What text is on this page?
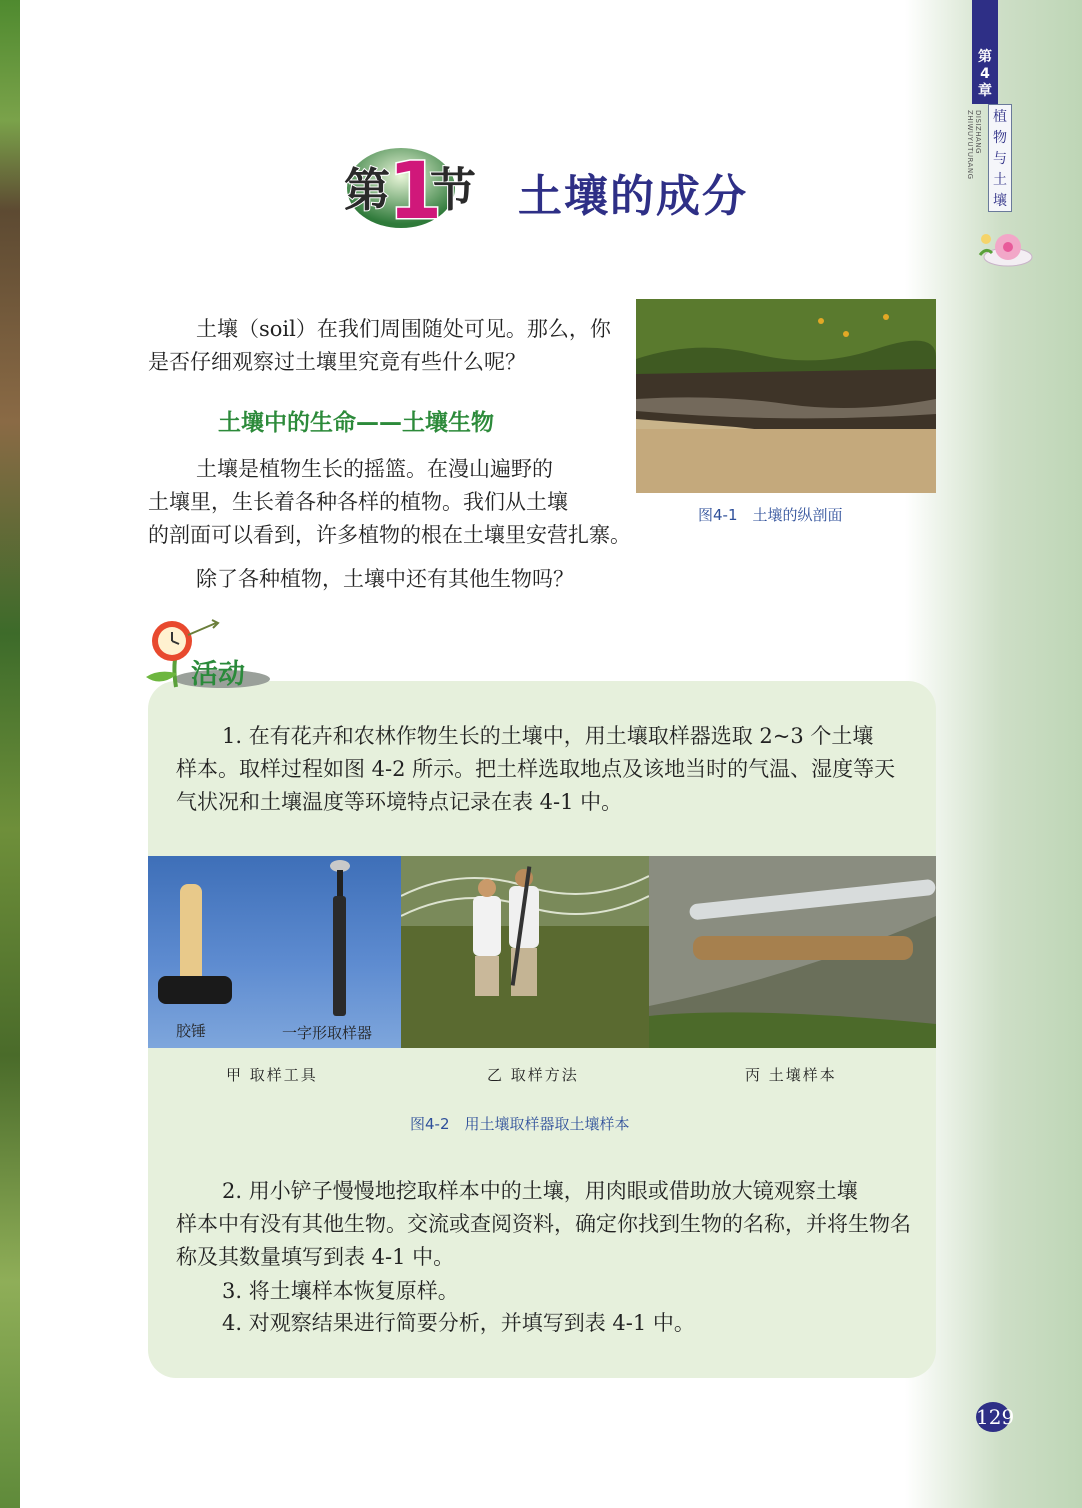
第
4
章
DISIZHANG ZHIWUYUTURANG	植
物
与
土
壤
第
1
节 土壤的成分
土壤（soil）在我们周围随处可见。那么，你是否仔细观察过土壤里究竟有些什么呢？
土壤中的生命——土壤生物
土壤是植物生长的摇篮。在漫山遍野的
土壤里，生长着各种各样的植物。我们从土壤
的剖面可以看到，许多植物的根在土壤里安营扎寨。
除了各种植物，土壤中还有其他生物吗？
图4-1　土壤的纵剖面
活动
1. 在有花卉和农林作物生长的土壤中，用土壤取样器选取 2~3 个土壤
样本。取样过程如图 4-2 所示。把土样选取地点及该地当时的气温、湿度等天气状况和土壤温度等环境特点记录在表 4-1 中。
胶锤	一字形取样器
甲 取样工具	乙 取样方法	丙 土壤样本
图4-2　用土壤取样器取土壤样本
2. 用小铲子慢慢地挖取样本中的土壤，用肉眼或借助放大镜观察土壤
样本中有没有其他生物。交流或查阅资料，确定你找到生物的名称，并将生物名称及其数量填写到表 4-1 中。
3. 将土壤样本恢复原样。
4. 对观察结果进行简要分析，并填写到表 4-1 中。
129
